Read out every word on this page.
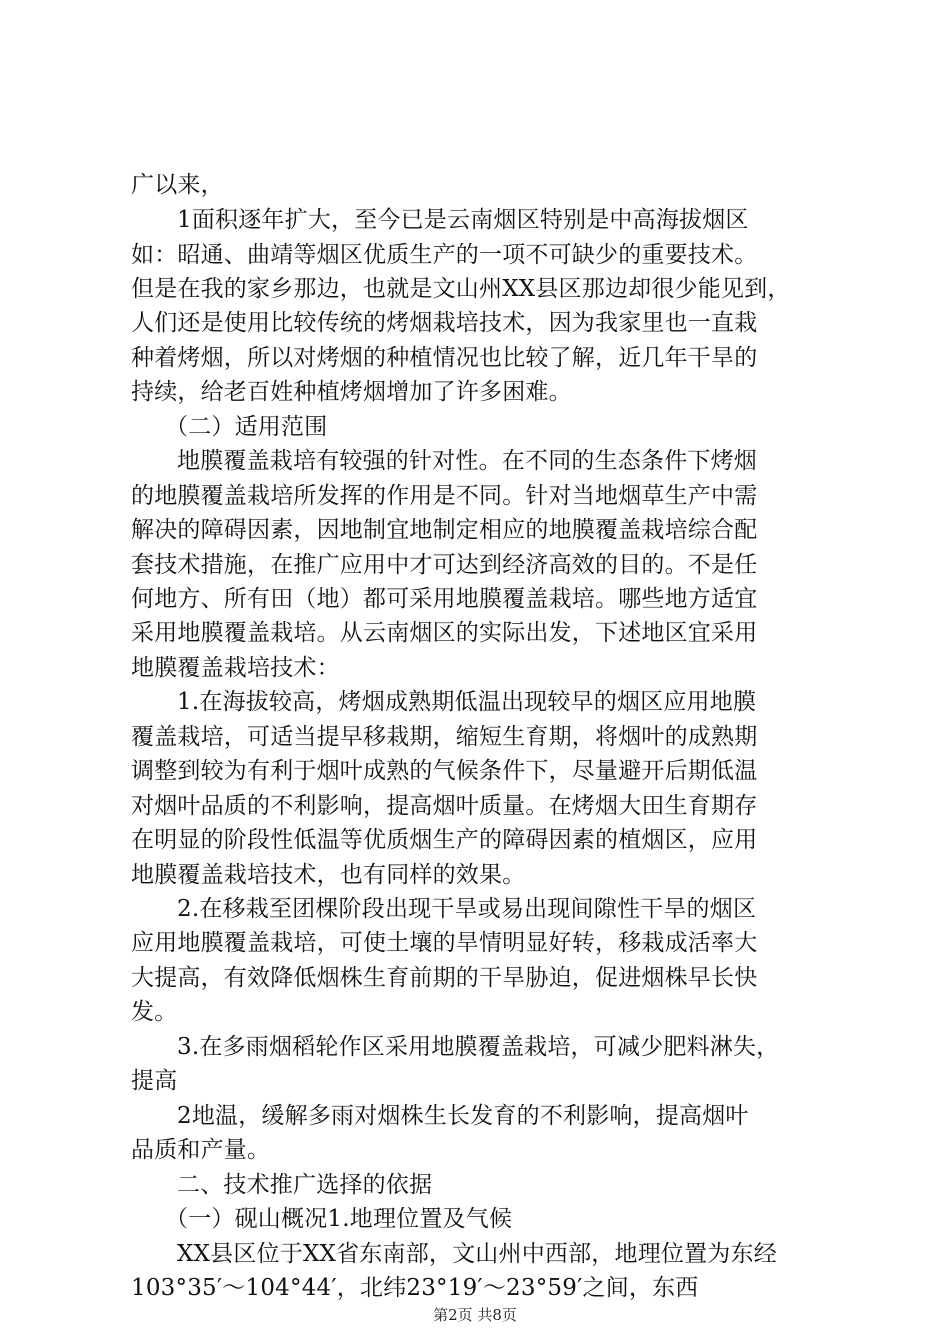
广以来，
1面积逐年扩大，至今已是云南烟区特别是中高海拔烟区
如：昭通、曲靖等烟区优质生产的一项不可缺少的重要技术。
但是在我的家乡那边，也就是文山州XX县区那边却很少能见到，
人们还是使用比较传统的烤烟栽培技术，因为我家里也一直栽
种着烤烟，所以对烤烟的种植情况也比较了解，近几年干旱的
持续，给老百姓种植烤烟增加了许多困难。
（二）适用范围
地膜覆盖栽培有较强的针对性。在不同的生态条件下烤烟
的地膜覆盖栽培所发挥的作用是不同。针对当地烟草生产中需
解决的障碍因素，因地制宜地制定相应的地膜覆盖栽培综合配
套技术措施，在推广应用中才可达到经济高效的目的。不是任
何地方、所有田（地）都可采用地膜覆盖栽培。哪些地方适宜
采用地膜覆盖栽培。从云南烟区的实际出发，下述地区宜采用
地膜覆盖栽培技术：
1.在海拔较高，烤烟成熟期低温出现较早的烟区应用地膜
覆盖栽培，可适当提早移栽期，缩短生育期，将烟叶的成熟期
调整到较为有利于烟叶成熟的气候条件下，尽量避开后期低温
对烟叶品质的不利影响，提高烟叶质量。在烤烟大田生育期存
在明显的阶段性低温等优质烟生产的障碍因素的植烟区，应用
地膜覆盖栽培技术，也有同样的效果。
2.在移栽至团棵阶段出现干旱或易出现间隙性干旱的烟区
应用地膜覆盖栽培，可使土壤的旱情明显好转，移栽成活率大
大提高，有效降低烟株生育前期的干旱胁迫，促进烟株早长快
发。
3.在多雨烟稻轮作区采用地膜覆盖栽培，可减少肥料淋失，
提高
2地温，缓解多雨对烟株生长发育的不利影响，提高烟叶
品质和产量。
二、技术推广选择的依据
（一）砚山概况1.地理位置及气候
XX县区位于XX省东南部，文山州中西部，地理位置为东经
103°35′～104°44′，北纬23°19′～23°59′之间，东西
第2页 共8页
